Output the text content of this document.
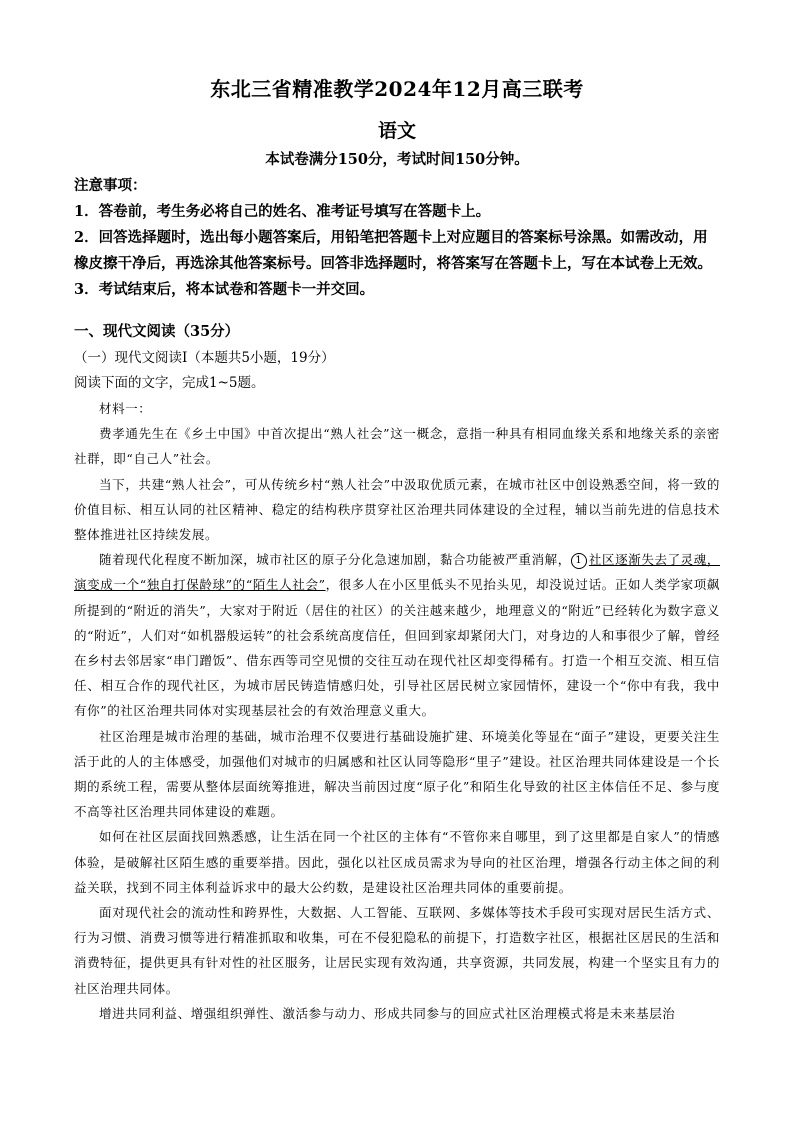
东北三省精准教学2024年12月高三联考
语文
本试卷满分150分，考试时间150分钟。

注意事项：

1．答卷前，考生务必将自己的姓名、准考证号填写在答题卡上。

2．回答选择题时，选出每小题答案后，用铅笔把答题卡上对应题目的答案标号涂黑。如需改动，用橡皮擦干净后，再选涂其他答案标号。回答非选择题时，将答案写在答题卡上，写在本试卷上无效。

3．考试结束后，将本试卷和答题卡一并交回。

一、现代文阅读（35分）
（一）现代文阅读Ⅰ（本题共5小题，19分）
阅读下面的文字，完成1~5题。

材料一：

费孝通先生在《乡土中国》中首次提出“熟人社会”这一概念，意指一种具有相同血缘关系和地缘关系的亲密社群，即“自己人”社会。

当下，共建“熟人社会”，可从传统乡村“熟人社会”中汲取优质元素，在城市社区中创设熟悉空间，将一致的价值目标、相互认同的社区精神、稳定的结构秩序贯穿社区治理共同体建设的全过程，辅以当前先进的信息技术整体推进社区持续发展。

随着现代化程度不断加深，城市社区的原子分化急速加剧，黏合功能被严重消解， 1 社区逐渐失去了灵魂，演变成一个“独自打保龄球”的“陌生人社会”，很多人在小区里低头不见抬头见，却没说过话。正如人类学家项飙所提到的“附近的消失”，大家对于附近（居住的社区）的关注越来越少，地理意义的“附近”已经转化为数字意义的“附近”，人们对“如机器般运转”的社会系统高度信任，但回到家却紧闭大门，对身边的人和事很少了解，曾经在乡村去邻居家“串门蹭饭”、借东西等司空见惯的交往互动在现代社区却变得稀有。打造一个相互交流、相互信任、相互合作的现代社区，为城市居民铸造情感归处，引导社区居民树立家园情怀，建设一个“你中有我，我中有你”的社区治理共同体对实现基层社会的有效治理意义重大。

社区治理是城市治理的基础，城市治理不仅要进行基础设施扩建、环境美化等显在“面子”建设，更要关注生活于此的人的主体感受，加强他们对城市的归属感和社区认同等隐形“里子”建设。社区治理共同体建设是一个长期的系统工程，需要从整体层面统筹推进，解决当前因过度“原子化”和陌生化导致的社区主体信任不足、参与度不高等社区治理共同体建设的难题。

如何在社区层面找回熟悉感，让生活在同一个社区的主体有“不管你来自哪里，到了这里都是自家人”的情感体验，是破解社区陌生感的重要举措。因此，强化以社区成员需求为导向的社区治理，增强各行动主体之间的利益关联，找到不同主体利益诉求中的最大公约数，是建设社区治理共同体的重要前提。

面对现代社会的流动性和跨界性，大数据、人工智能、互联网、多媒体等技术手段可实现对居民生活方式、行为习惯、消费习惯等进行精准抓取和收集，可在不侵犯隐私的前提下，打造数字社区，根据社区居民的生活和消费特征，提供更具有针对性的社区服务，让居民实现有效沟通，共享资源，共同发展，构建一个坚实且有力的社区治理共同体。

增进共同利益、增强组织弹性、激活参与动力、形成共同参与的回应式社区治理模式将是未来基层治
